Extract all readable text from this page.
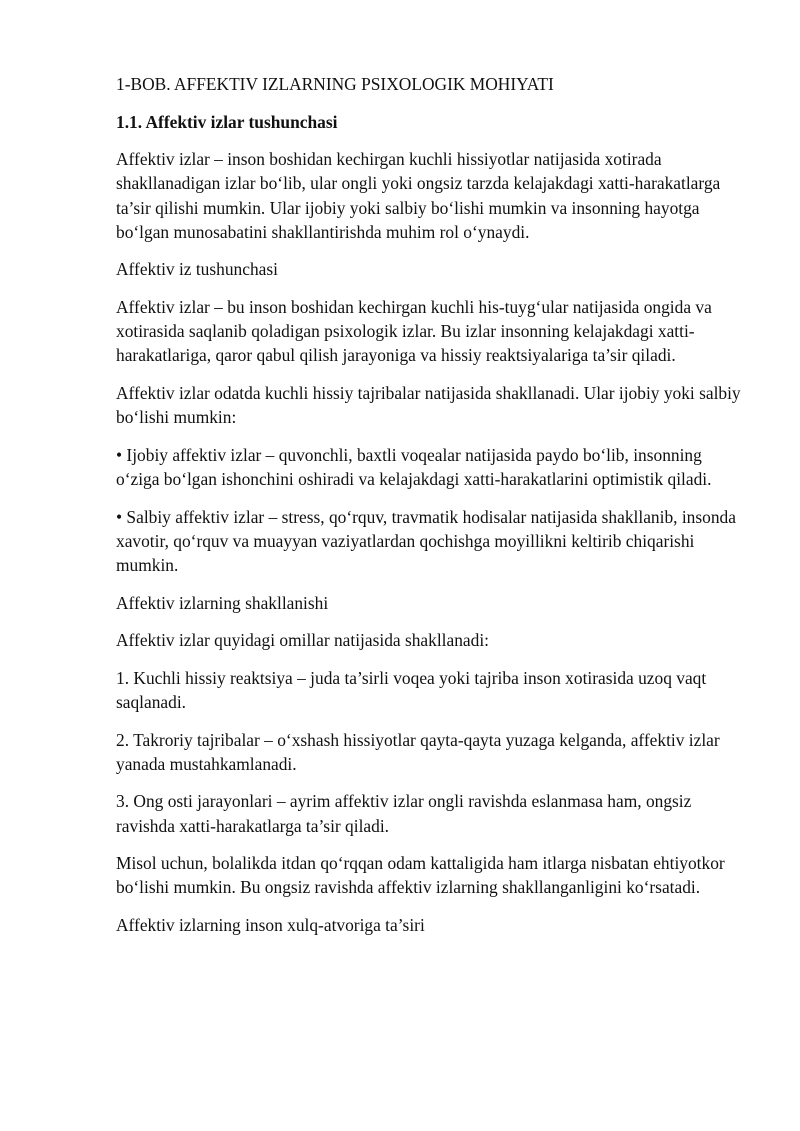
1-BOB. AFFEKTIV IZLARNING PSIXOLOGIK MOHIYATI

1.1. Affektiv izlar tushunchasi

Affektiv izlar – inson boshidan kechirgan kuchli hissiyotlar natijasida xotirada shakllanadigan izlar bo‘lib, ular ongli yoki ongsiz tarzda kelajakdagi xatti-harakatlarga ta’sir qilishi mumkin. Ular ijobiy yoki salbiy bo‘lishi mumkin va insonning hayotga bo‘lgan munosabatini shakllantirishda muhim rol o‘ynaydi.

Affektiv iz tushunchasi

Affektiv izlar – bu inson boshidan kechirgan kuchli his-tuyg‘ular natijasida ongida va xotirasida saqlanib qoladigan psixologik izlar. Bu izlar insonning kelajakdagi xatti-harakatlariga, qaror qabul qilish jarayoniga va hissiy reaktsiyalariga ta’sir qiladi.

Affektiv izlar odatda kuchli hissiy tajribalar natijasida shakllanadi. Ular ijobiy yoki salbiy bo‘lishi mumkin:

• Ijobiy affektiv izlar – quvonchli, baxtli voqealar natijasida paydo bo‘lib, insonning o‘ziga bo‘lgan ishonchini oshiradi va kelajakdagi xatti-harakatlarini optimistik qiladi.

• Salbiy affektiv izlar – stress, qo‘rquv, travmatik hodisalar natijasida shakllanib, insonda xavotir, qo‘rquv va muayyan vaziyatlardan qochishga moyillikni keltirib chiqarishi mumkin.

Affektiv izlarning shakllanishi

Affektiv izlar quyidagi omillar natijasida shakllanadi:

1. Kuchli hissiy reaktsiya – juda ta’sirli voqea yoki tajriba inson xotirasida uzoq vaqt saqlanadi.

2. Takroriy tajribalar – o‘xshash hissiyotlar qayta-qayta yuzaga kelganda, affektiv izlar yanada mustahkamlanadi.

3. Ong osti jarayonlari – ayrim affektiv izlar ongli ravishda eslanmasa ham, ongsiz ravishda xatti-harakatlarga ta’sir qiladi.

Misol uchun, bolalikda itdan qo‘rqqan odam kattaligida ham itlarga nisbatan ehtiyotkor bo‘lishi mumkin. Bu ongsiz ravishda affektiv izlarning shakllanganligini ko‘rsatadi.

Affektiv izlarning inson xulq-atvoriga ta’siri
